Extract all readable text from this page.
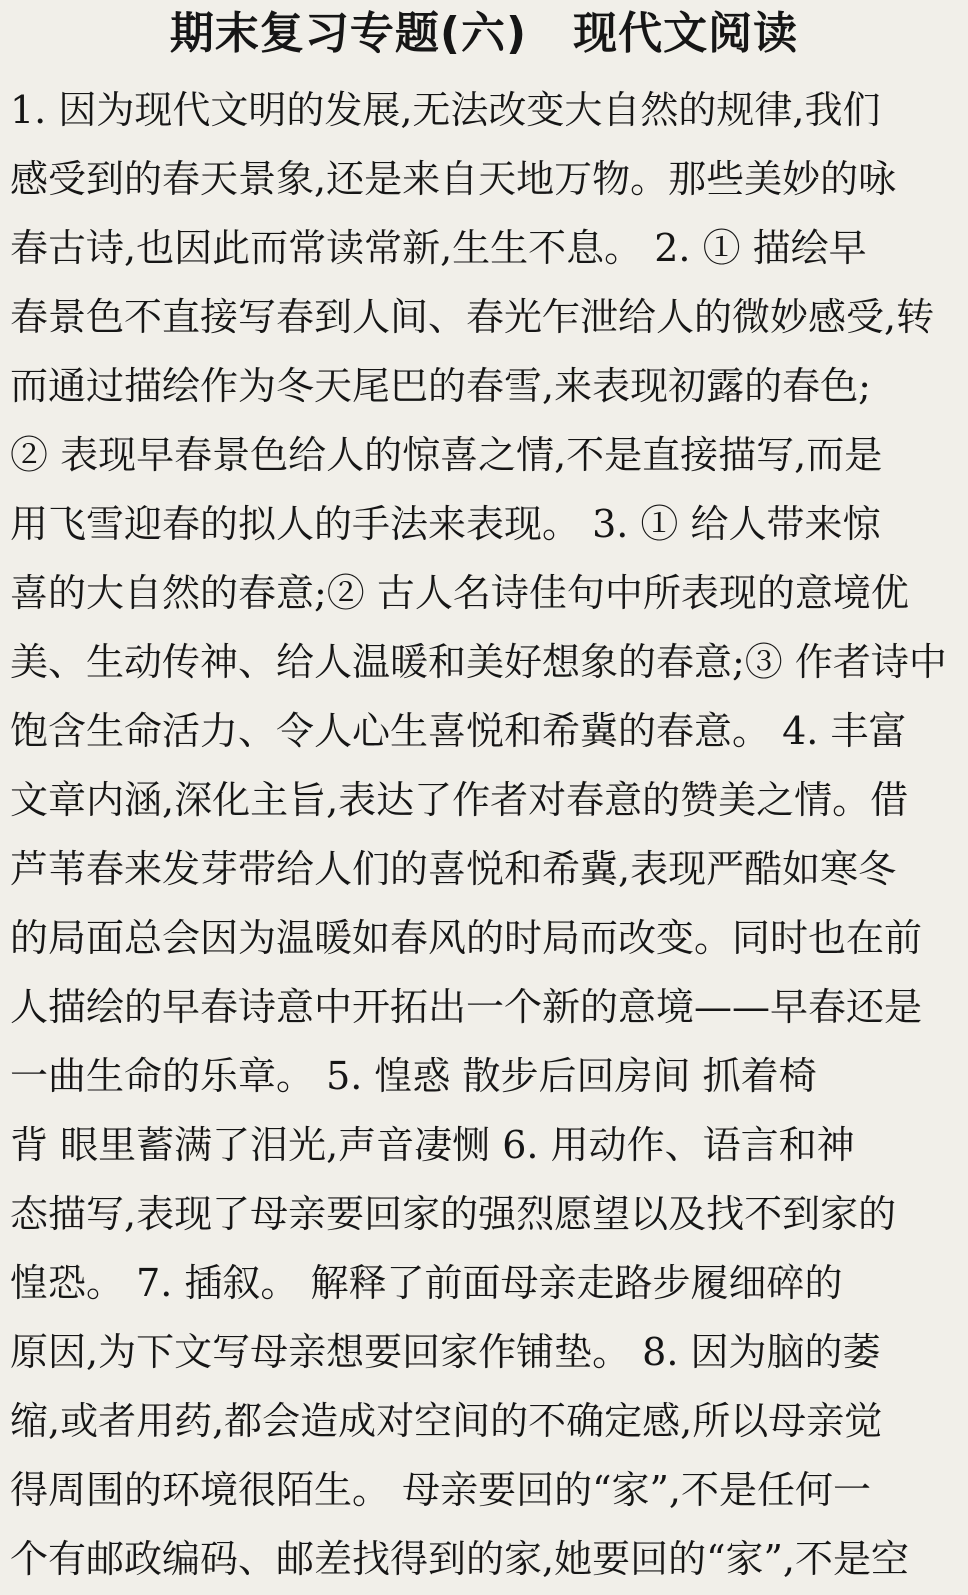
期末复习专题(六) 现代文阅读
1. 因为现代文明的发展,无法改变大自然的规律,我们
感受到的春天景象,还是来自天地万物。那些美妙的咏
春古诗,也因此而常读常新,生生不息。 2. ① 描绘早
春景色不直接写春到人间、春光乍泄给人的微妙感受,转
而通过描绘作为冬天尾巴的春雪,来表现初露的春色;
② 表现早春景色给人的惊喜之情,不是直接描写,而是
用飞雪迎春的拟人的手法来表现。 3. ① 给人带来惊
喜的大自然的春意;② 古人名诗佳句中所表现的意境优
美、生动传神、给人温暖和美好想象的春意;③ 作者诗中
饱含生命活力、令人心生喜悦和希冀的春意。 4. 丰富
文章内涵,深化主旨,表达了作者对春意的赞美之情。借
芦苇春来发芽带给人们的喜悦和希冀,表现严酷如寒冬
的局面总会因为温暖如春风的时局而改变。同时也在前
人描绘的早春诗意中开拓出一个新的意境——早春还是
一曲生命的乐章。 5. 惶惑 散步后回房间 抓着椅
背 眼里蓄满了泪光,声音凄恻 6. 用动作、语言和神
态描写,表现了母亲要回家的强烈愿望以及找不到家的
惶恐。 7. 插叙。 解释了前面母亲走路步履细碎的
原因,为下文写母亲想要回家作铺垫。 8. 因为脑的萎
缩,或者用药,都会造成对空间的不确定感,所以母亲觉
得周围的环境很陌生。 母亲要回的“家”,不是任何一
个有邮政编码、邮差找得到的家,她要回的“家”,不是空
